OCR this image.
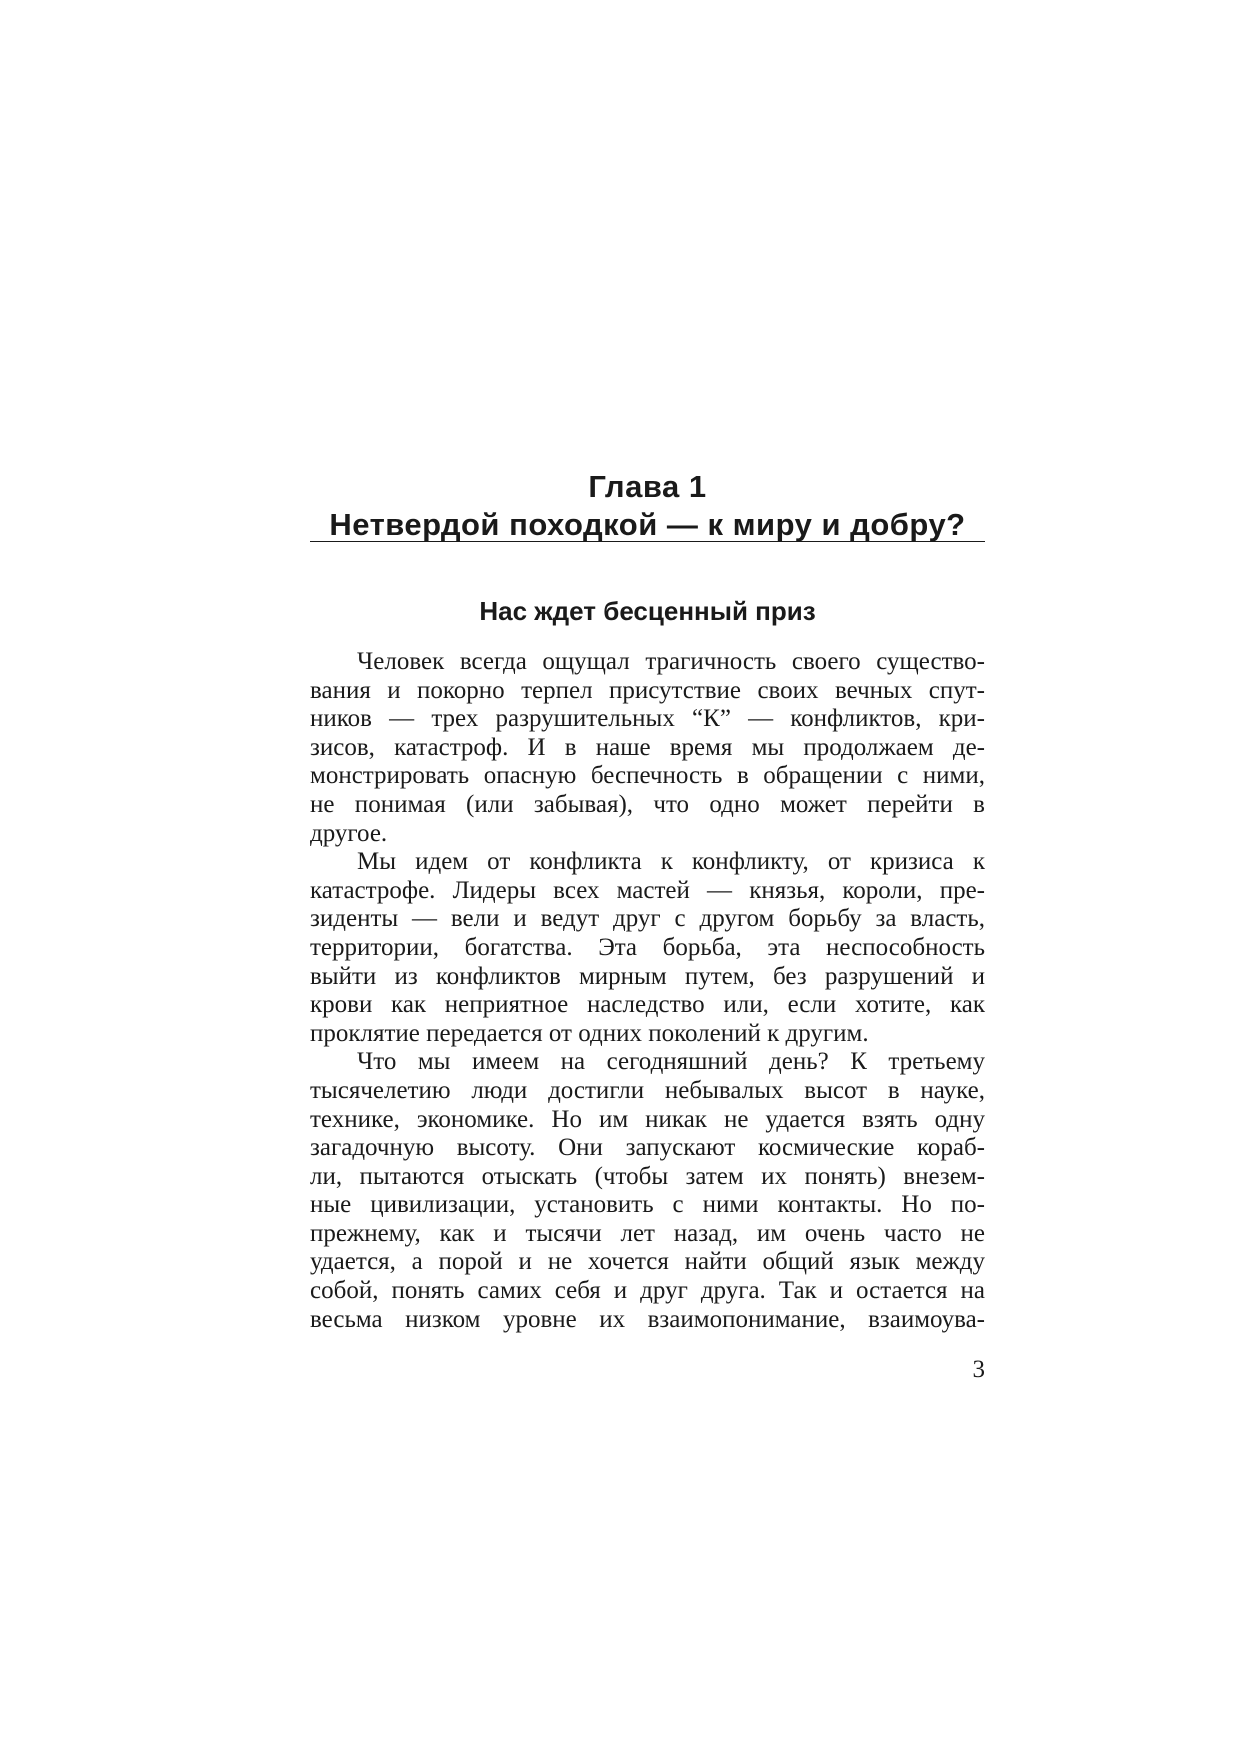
Глава 1
Нетвердой походкой — к миру и добру?
Нас ждет бесценный приз
Человек всегда ощущал трагичность своего существо-
вания и покорно терпел присутствие своих вечных спут-
ников — трех разрушительных “К” — конфликтов, кри-
зисов, катастроф. И в наше время мы продолжаем де-
монстрировать опасную беспечность в обращении с ними,
не понимая (или забывая), что одно может перейти в
другое.
Мы идем от конфликта к конфликту, от кризиса к
катастрофе. Лидеры всех мастей — князья, короли, пре-
зиденты — вели и ведут друг с другом борьбу за власть,
территории, богатства. Эта борьба, эта неспособность
выйти из конфликтов мирным путем, без разрушений и
крови как неприятное наследство или, если хотите, как
проклятие передается от одних поколений к другим.
Что мы имеем на сегодняшний день? К третьему
тысячелетию люди достигли небывалых высот в науке,
технике, экономике. Но им никак не удается взять одну
загадочную высоту. Они запускают космические кораб-
ли, пытаются отыскать (чтобы затем их понять) внезем-
ные цивилизации, установить с ними контакты. Но по-
прежнему, как и тысячи лет назад, им очень часто не
удается, а порой и не хочется найти общий язык между
собой, понять самих себя и друг друга. Так и остается на
весьма низком уровне их взаимопонимание, взаимоува-
3
